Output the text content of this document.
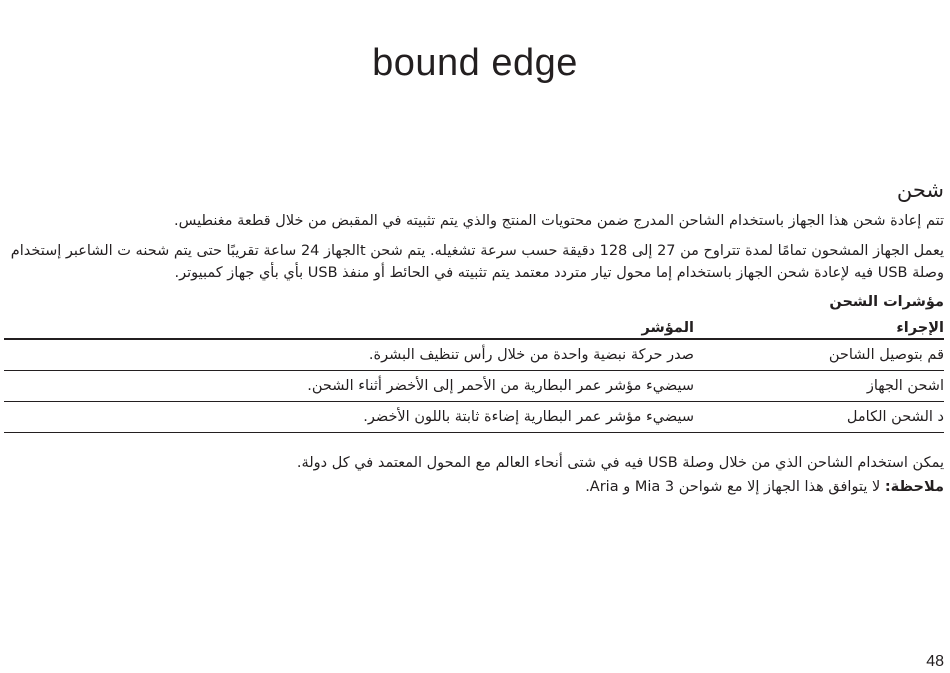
bound edge
شحن

تتم إعادة شحن هذا الجهاز باستخدام الشاحن المدرج ضمن محتويات المنتج والذي يتم تثبيته في المقبض من خلال قطعة مغنطيس.

يعمل الجهاز المشحون تمامًا لمدة تتراوح من 27 إلى 128 دقيقة حسب سرعة تشغيله. يتم شحن tالجهاز 24 ساعة تقريبًا حتى يتم شحنه ت الشاعبر إستخدام وصلة USB فيه لإعادة شحن الجهاز باستخدام إما محول تيار متردد معتمد يتم تثبيته في الحائط أو منفذ USB بأي بأي جهاز كمبيوتر.

مؤشرات الشحن
الإجراء	المؤشر
قم بتوصيل الشاحن	صدر حركة نبضية واحدة من خلال رأس تنظيف البشرة.
اشحن الجهاز	سيضيء مؤشر عمر البطارية من الأحمر إلى الأخضر أثناء الشحن.
د الشحن الكامل	سيضيء مؤشر عمر البطارية إضاءة ثابتة باللون الأخضر.

يمكن استخدام الشاحن الذي من خلال وصلة USB فيه في شتى أنحاء العالم مع المحول المعتمد في كل دولة.

ملاحظة: لا يتوافق هذا الجهاز إلا مع شواحن Mia 3 و Aria.

48
